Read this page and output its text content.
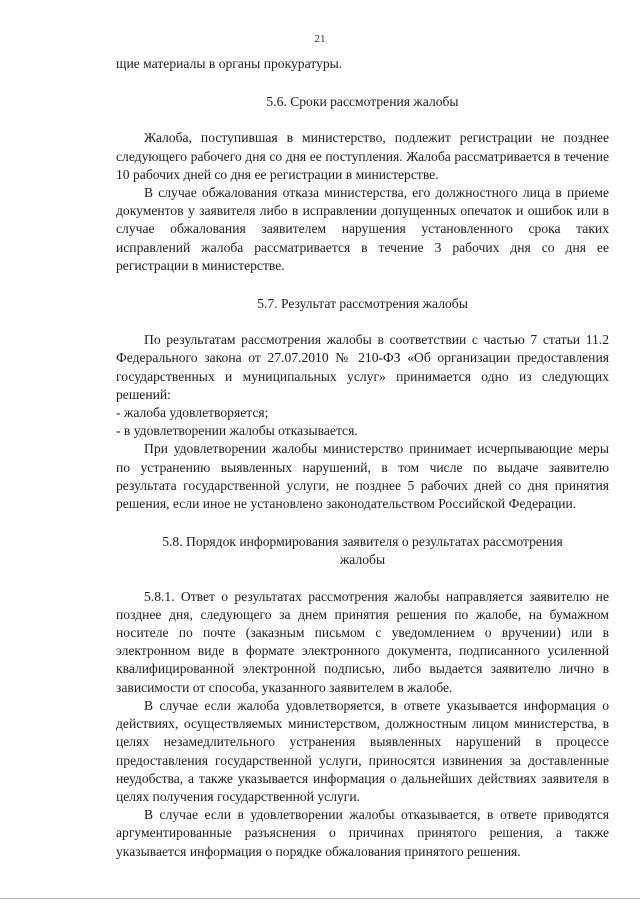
21

щие материалы в органы прокуратуры.

5.6. Сроки рассмотрения жалобы

Жалоба, поступившая в министерство, подлежит регистрации не позднее следующего рабочего дня со дня ее поступления. Жалоба рассматривается в течение 10 рабочих дней со дня ее регистрации в министерстве.

В случае обжалования отказа министерства, его должностного лица в приеме документов у заявителя либо в исправлении допущенных опечаток и ошибок или в случае обжалования заявителем нарушения установленного срока таких исправлений жалоба рассматривается в течение 3 рабочих дня со дня ее регистрации в министерстве.

5.7. Результат рассмотрения жалобы

По результатам рассмотрения жалобы в соответствии с частью 7 статьи 11.2 Федерального закона от 27.07.2010 № 210-ФЗ «Об организации предоставления государственных и муниципальных услуг» принимается одно из следующих решений:

- жалоба удовлетворяется;

- в удовлетворении жалобы отказывается.

При удовлетворении жалобы министерство принимает исчерпывающие меры по устранению выявленных нарушений, в том числе по выдаче заявителю результата государственной услуги, не позднее 5 рабочих дней со дня принятия решения, если иное не установлено законодательством Российской Федерации.

5.8. Порядок информирования заявителя о результатах рассмотрения

жалобы

5.8.1. Ответ о результатах рассмотрения жалобы направляется заявителю не позднее дня, следующего за днем принятия решения по жалобе, на бумажном носителе по почте (заказным письмом с уведомлением о вручении) или в электронном виде в формате электронного документа, подписанного усиленной квалифицированной электронной подписью, либо выдается заявителю лично в зависимости от способа, указанного заявителем в жалобе.

В случае если жалоба удовлетворяется, в ответе указывается информация о действиях, осуществляемых министерством, должностным лицом министерства, в целях незамедлительного устранения выявленных нарушений в процессе предоставления государственной услуги, приносятся извинения за доставленные неудобства, а также указывается информация о дальнейших действиях заявителя в целях получения государственной услуги.

В случае если в удовлетворении жалобы отказывается, в ответе приводятся аргументированные разъяснения о причинах принятого решения, а также указывается информация о порядке обжалования принятого решения.
